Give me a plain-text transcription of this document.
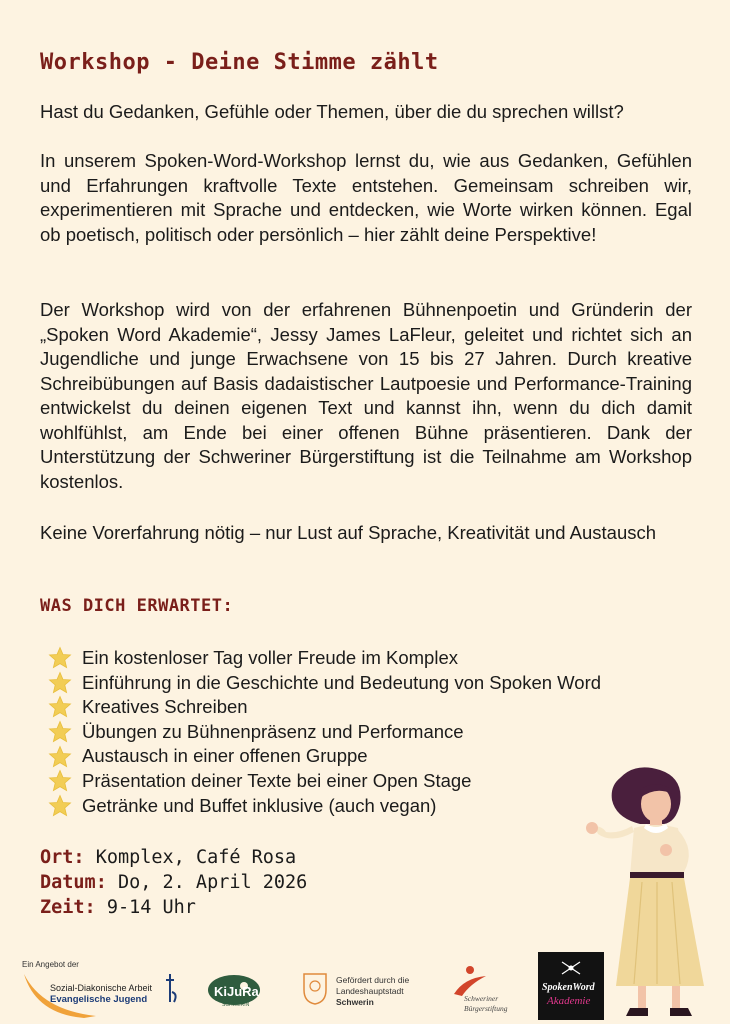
Workshop - Deine Stimme zählt

Hast du Gedanken, Gefühle oder Themen, über die du sprechen willst?

In unserem Spoken-Word-Workshop lernst du, wie aus Gedanken, Gefühlen und Erfahrungen kraftvolle Texte entstehen. Gemeinsam schreiben wir, experimentieren mit Sprache und entdecken, wie Worte wirken können. Egal ob poetisch, politisch oder persönlich – hier zählt deine Perspektive!

Der Workshop wird von der erfahrenen Bühnenpoetin und Gründerin der „Spoken Word Akademie“, Jessy James LaFleur, geleitet und richtet sich an Jugendliche und junge Erwachsene von 15 bis 27 Jahren. Durch kreative Schreibübungen auf Basis dadaistischer Lautpoesie und Performance-Training entwickelst du deinen eigenen Text und kannst ihn, wenn du dich damit wohlfühlst, am Ende bei einer offenen Bühne präsentieren. Dank der Unterstützung der Schweriner Bürgerstiftung ist die Teilnahme am Workshop kostenlos.

Keine Vorerfahrung nötig – nur Lust auf Sprache, Kreativität und Austausch

WAS DICH ERWARTET:
Ein kostenloser Tag voller Freude im Komplex
Einführung in die Geschichte und Bedeutung von Spoken Word
Kreatives Schreiben
Übungen zu Bühnenpräsenz und Performance
Austausch in einer offenen Gruppe
Präsentation deiner Texte bei einer Open Stage
Getränke und Buffet inklusive (auch vegan)
Ort: Komplex, Café Rosa
Datum: Do, 2. April 2026
Zeit: 9-14 Uhr
Ein Angebot der
Sozial-Diakonische Arbeit
Evangelische Jugend
KiJuRa
SCHWERIN
Gefördert durch die
Landeshauptstadt
Schwerin	Schweriner
Bürgerstiftung
SpokenWord
Akademie
